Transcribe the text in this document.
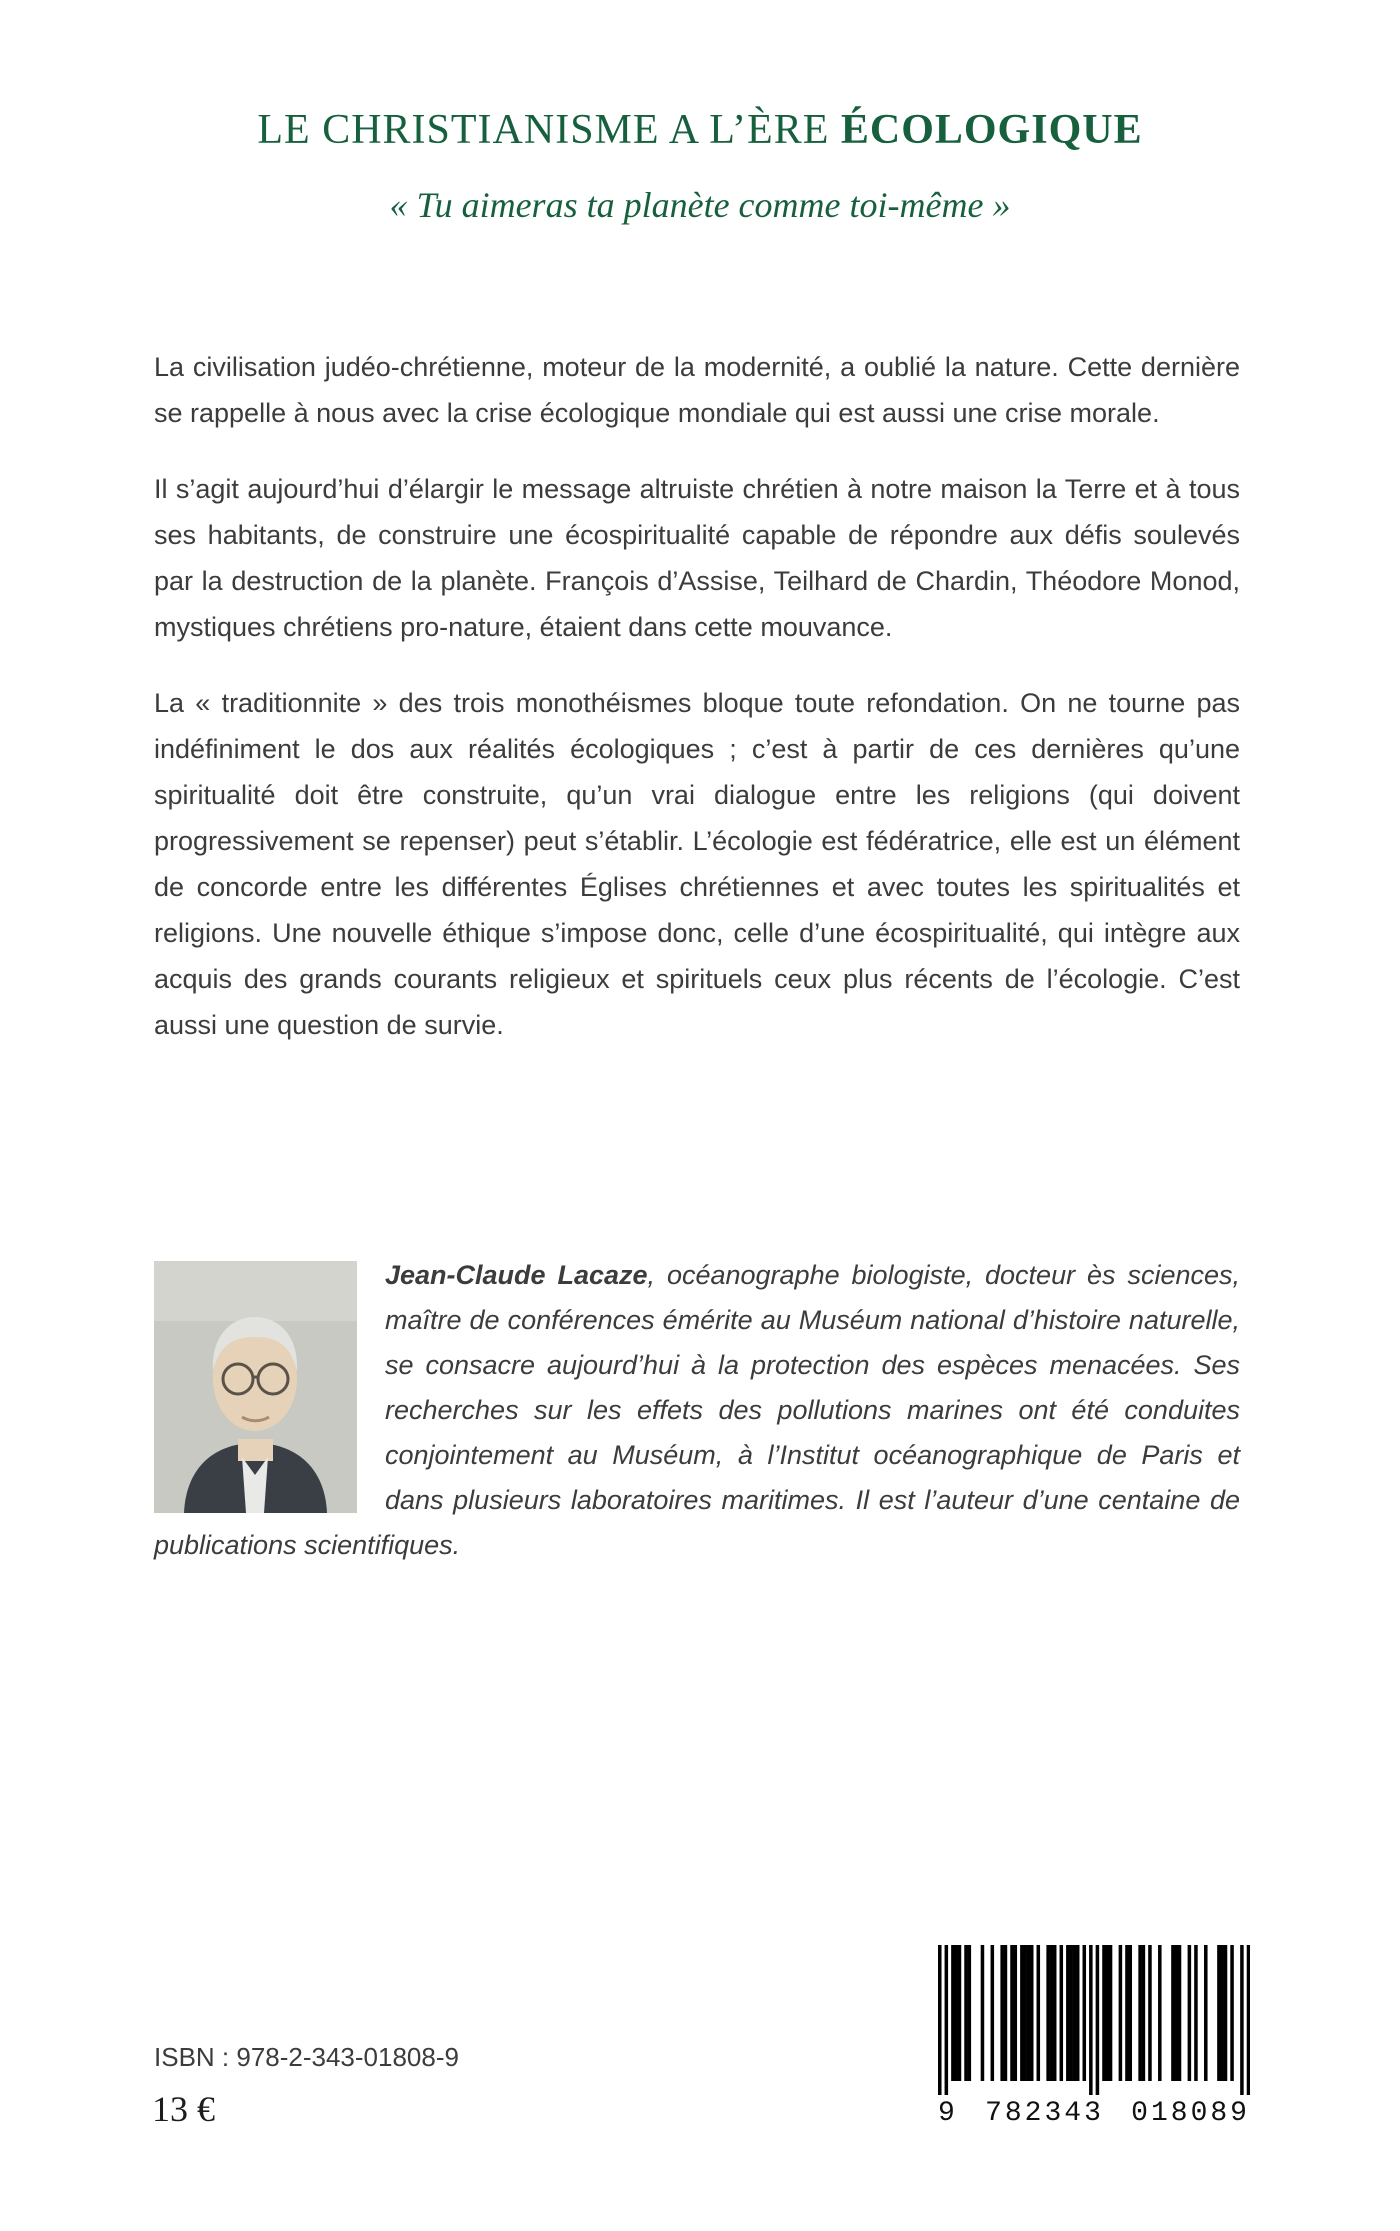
LE CHRISTIANISME A L’ÈRE ÉCOLOGIQUE
« Tu aimeras ta planète comme toi-même »

La civilisation judéo-chrétienne, moteur de la modernité, a oublié la nature. Cette dernière se rappelle à nous avec la crise écologique mondiale qui est aussi une crise morale.

Il s’agit aujourd’hui d’élargir le message altruiste chrétien à notre maison la Terre et à tous ses habitants, de construire une écospiritualité capable de répondre aux défis soulevés par la destruction de la planète. François d’Assise, Teilhard de Chardin, Théodore Monod, mystiques chrétiens pro-nature, étaient dans cette mouvance.

La « traditionnite » des trois monothéismes bloque toute refondation. On ne tourne pas indéfiniment le dos aux réalités écologiques ; c’est à partir de ces dernières qu’une spiritualité doit être construite, qu’un vrai dialogue entre les religions (qui doivent progressivement se repenser) peut s’établir. L’écologie est fédératrice, elle est un élément de concorde entre les différentes Églises chrétiennes et avec toutes les spiritualités et religions. Une nouvelle éthique s’impose donc, celle d’une écospiritualité, qui intègre aux acquis des grands courants religieux et spirituels ceux plus récents de l’écologie. C’est aussi une question de survie.

Jean-Claude Lacaze, océanographe biologiste, docteur ès sciences, maître de conférences émérite au Muséum national d’histoire naturelle, se consacre aujourd’hui à la protection des espèces menacées. Ses recherches sur les effets des pollutions marines ont été conduites conjointement au Muséum, à l’Institut océanographique de Paris et dans plusieurs laboratoires maritimes. Il est l’auteur d’une centaine de publications scientifiques.
ISBN : 978-2-343-01808-9
13 €	9 782343 018089
